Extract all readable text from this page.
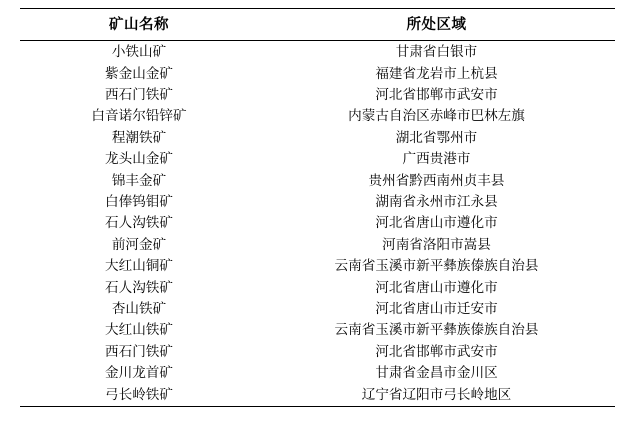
矿山名称	所处区域
小铁山矿	甘肃省白银市
紫金山金矿	福建省龙岩市上杭县
西石门铁矿	河北省邯郸市武安市
白音诺尔铅锌矿	内蒙古自治区赤峰市巴林左旗
程潮铁矿	湖北省鄂州市
龙头山金矿	广西贵港市
锦丰金矿	贵州省黔西南州贞丰县
白俸钨钼矿	湖南省永州市江永县
石人沟铁矿	河北省唐山市遵化市
前河金矿	河南省洛阳市嵩县
大红山铜矿	云南省玉溪市新平彝族傣族自治县
石人沟铁矿	河北省唐山市遵化市
杏山铁矿	河北省唐山市迁安市
大红山铁矿	云南省玉溪市新平彝族傣族自治县
西石门铁矿	河北省邯郸市武安市
金川龙首矿	甘肃省金昌市金川区
弓长岭铁矿	辽宁省辽阳市弓长岭地区
